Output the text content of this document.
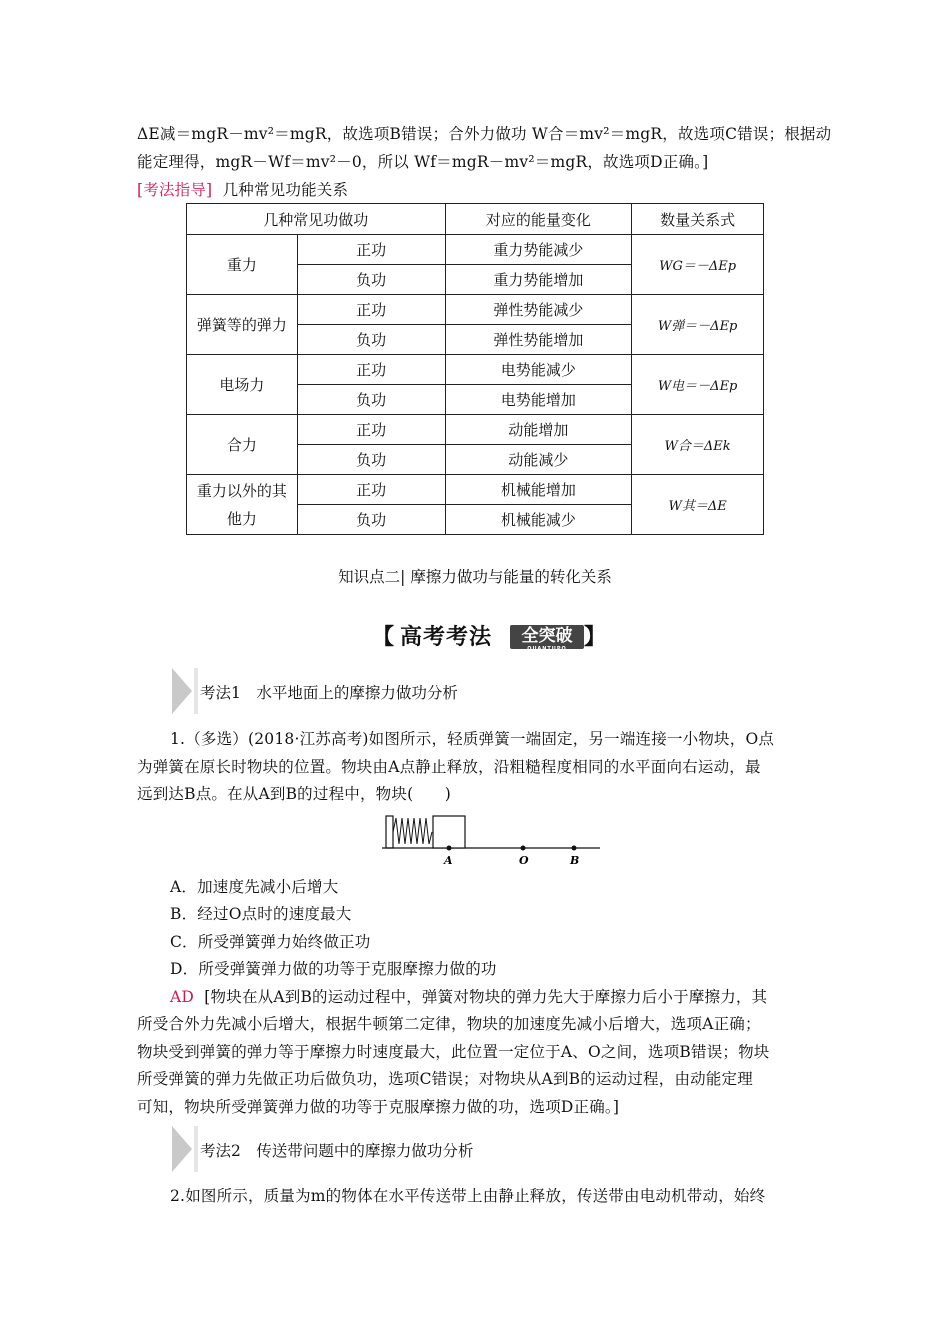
ΔE减＝mgR－mv²＝mgR，故选项B错误；合外力做功 W合＝mv²＝mgR，故选项C错误；根据动
能定理得，mgR－Wf＝mv²－0，所以 Wf＝mgR－mv²＝mgR，故选项D正确。]
[考法指导] 几种常见功能关系
几种常见功做功		对应的能量变化	数量关系式
重力	正功	重力势能减少	WG＝－ΔEp
	负功	重力势能增加	
弹簧等的弹力	正功	弹性势能减少	W弹＝－ΔEp
	负功	弹性势能增加	
电场力	正功	电势能减少	W电＝－ΔEp
	负功	电势能增加	
合力	正功	动能增加	W合＝ΔEk
	负功	动能减少	
重力以外的其他力	正功	机械能增加	W其＝ΔE
	负功	机械能减少	
知识点二| 摩擦力做功与能量的转化关系
【 高考考法	全突破
QUANTUPO 】
考法1　水平地面上的摩擦力做功分析
1.（多选）(2018·江苏高考)如图所示，轻质弹簧一端固定，另一端连接一小物块，O点
为弹簧在原长时物块的位置。物块由A点静止释放，沿粗糙程度相同的水平面向右运动，最
远到达B点。在从A到B的过程中，物块(　　)
A	O	B
A．加速度先减小后增大
B．经过O点时的速度最大
C．所受弹簧弹力始终做正功
D．所受弹簧弹力做的功等于克服摩擦力做的功
AD [物块在从A到B的运动过程中，弹簧对物块的弹力先大于摩擦力后小于摩擦力，其
所受合外力先减小后增大，根据牛顿第二定律，物块的加速度先减小后增大，选项A正确；
物块受到弹簧的弹力等于摩擦力时速度最大，此位置一定位于A、O之间，选项B错误；物块
所受弹簧的弹力先做正功后做负功，选项C错误；对物块从A到B的运动过程，由动能定理
可知，物块所受弹簧弹力做的功等于克服摩擦力做的功，选项D正确。]
考法2　传送带问题中的摩擦力做功分析
2.如图所示，质量为m的物体在水平传送带上由静止释放，传送带由电动机带动，始终
